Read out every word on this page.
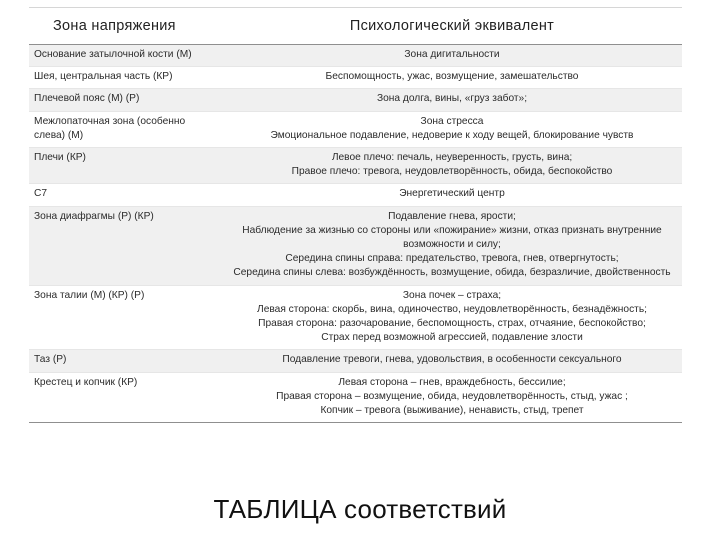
Зона напряжения	Психологический эквивалент
Основание затылочной кости (М)	Зона дигитальности
Шея, центральная часть (КР)	Беспомощность, ужас, возмущение, замешательство
Плечевой пояс (М) (Р)	Зона долга, вины, «груз забот»;
Межлопаточная зона (особенно слева) (М)	Зона стресса
Эмоциональное подавление, недоверие к ходу вещей, блокирование чувств
Плечи (КР)	Левое плечо: печаль, неуверенность, грусть, вина;
Правое плечо: тревога, неудовлетворённость, обида, беспокойство
С7	Энергетический центр
Зона диафрагмы (Р) (КР)	Подавление гнева, ярости;
Наблюдение за жизнью со стороны или «пожирание» жизни, отказ признать внутренние возможности и силу;
Середина спины справа: предательство, тревога, гнев, отвергнутость;
Середина спины слева: возбуждённость, возмущение, обида, безразличие, двойственность
Зона талии (М) (КР) (Р)	Зона почек – страха;
Левая сторона: скорбь, вина, одиночество, неудовлетворённость, безнадёжность;
Правая сторона: разочарование, беспомощность, страх, отчаяние, беспокойство;
Страх перед возможной агрессией, подавление злости
Таз (Р)	Подавление тревоги, гнева, удовольствия, в особенности сексуального
Крестец и копчик (КР)	Левая сторона – гнев, враждебность, бессилие;
Правая сторона – возмущение, обида, неудовлетворённость, стыд, ужас ;
Копчик – тревога (выживание), ненависть, стыд, трепет
ТАБЛИЦА соответствий
